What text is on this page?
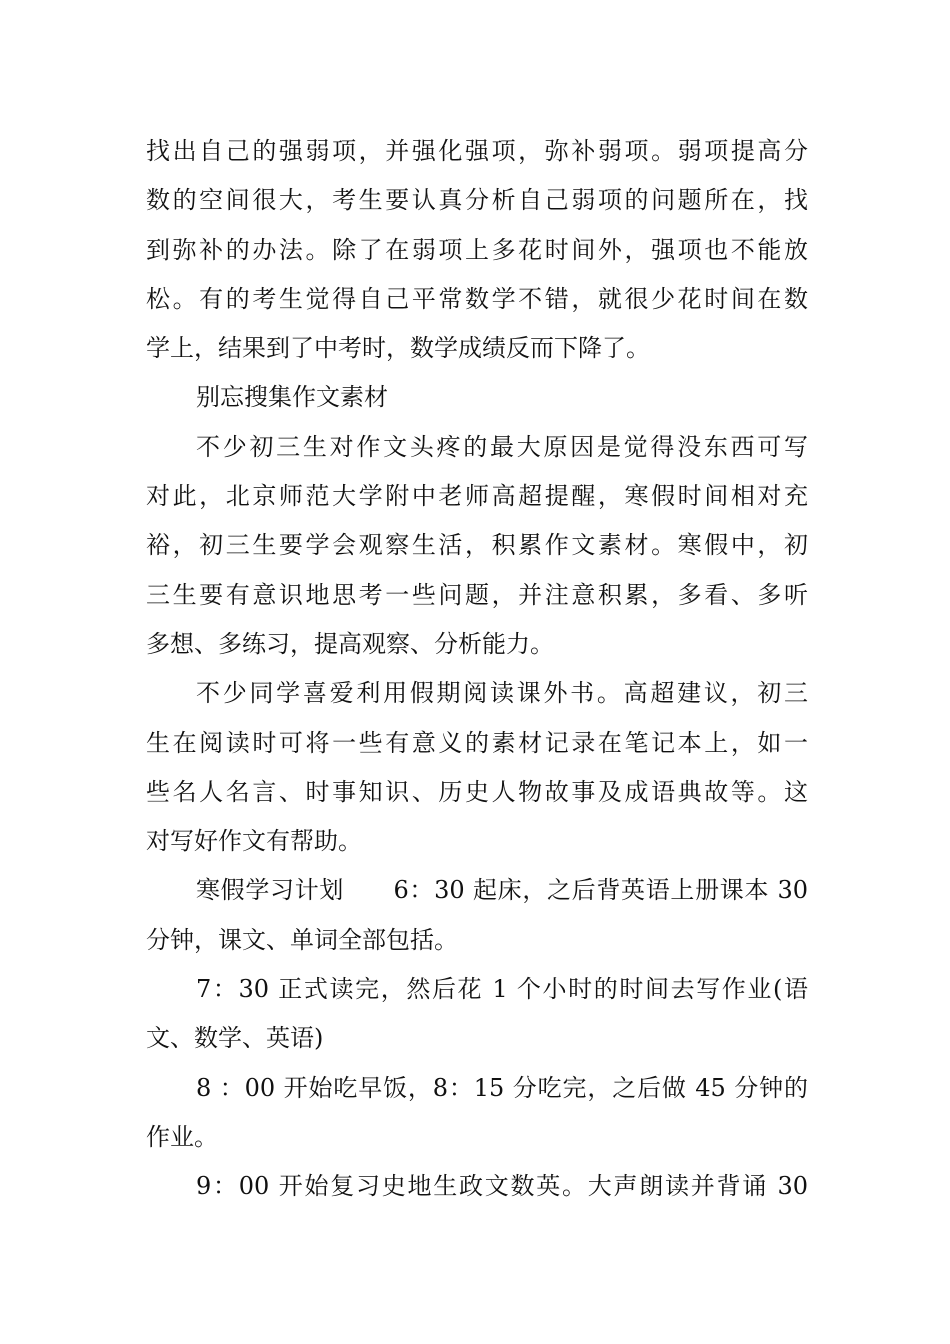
找出自己的强弱项，并强化强项，弥补弱项。弱项提高分
数的空间很大，考生要认真分析自己弱项的问题所在，找
到弥补的办法。除了在弱项上多花时间外，强项也不能放
松。有的考生觉得自己平常数学不错，就很少花时间在数
学上，结果到了中考时，数学成绩反而下降了。
别忘搜集作文素材
不少初三生对作文头疼的最大原因是觉得没东西可写
对此，北京师范大学附中老师高超提醒，寒假时间相对充
裕，初三生要学会观察生活，积累作文素材。寒假中，初
三生要有意识地思考一些问题，并注意积累，多看、多听
多想、多练习，提高观察、分析能力。
不少同学喜爱利用假期阅读课外书。高超建议，初三
生在阅读时可将一些有意义的素材记录在笔记本上，如一
些名人名言、时事知识、历史人物故事及成语典故等。这
对写好作文有帮助。
寒假学习计划　　6：30 起床，之后背英语上册课本 30
分钟，课文、单词全部包括。
7：30 正式读完，然后花 1 个小时的时间去写作业(语
文、数学、英语)
8 ：00 开始吃早饭，8：15 分吃完，之后做 45 分钟的
作业。
9：00 开始复习史地生政文数英。大声朗读并背诵 30
